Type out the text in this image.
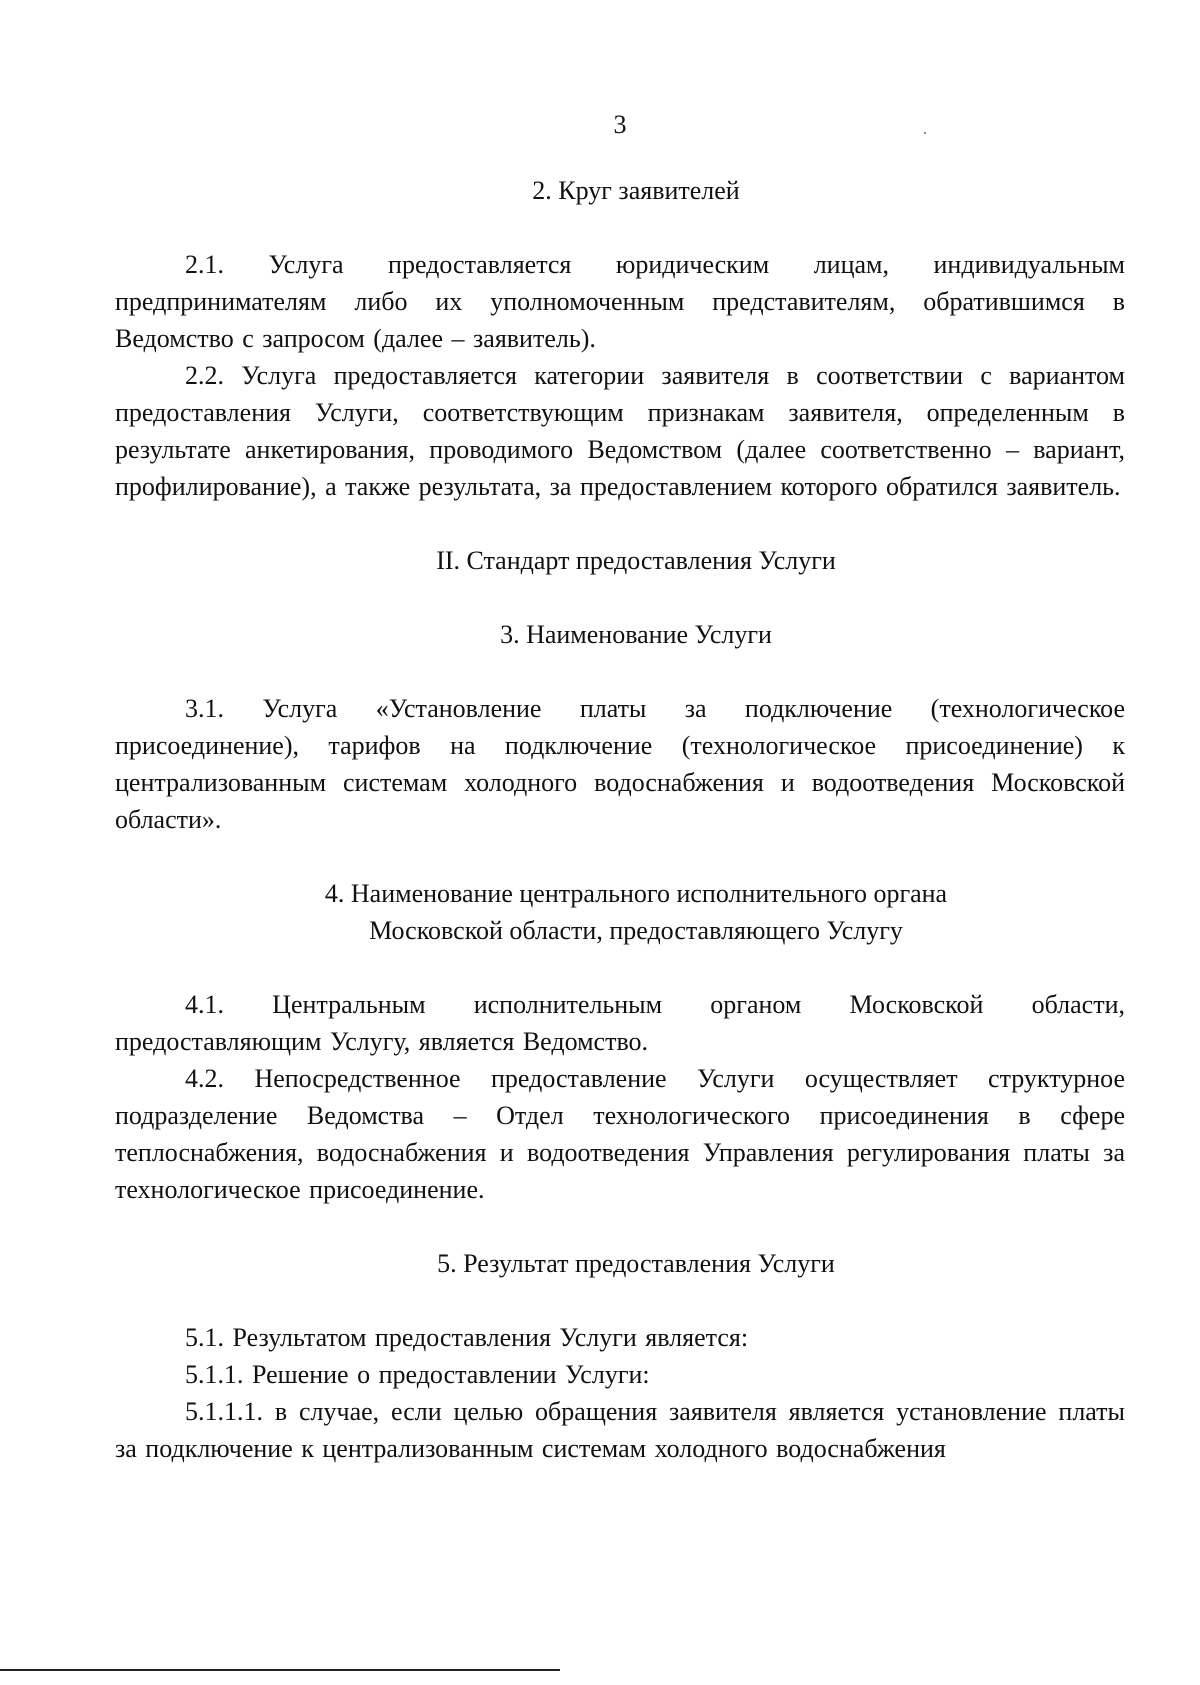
3

2. Круг заявителей

2.1. Услуга предоставляется юридическим лицам, индивидуальным предпринимателям либо их уполномоченным представителям, обратившимся в Ведомство с запросом (далее – заявитель).

2.2. Услуга предоставляется категории заявителя в соответствии с вариантом предоставления Услуги, соответствующим признакам заявителя, определенным в результате анкетирования, проводимого Ведомством (далее соответственно – вариант, профилирование), а также результата, за предоставлением которого обратился заявитель.

II. Стандарт предоставления Услуги

3. Наименование Услуги

3.1. Услуга «Установление платы за подключение (технологическое присоединение), тарифов на подключение (технологическое присоединение) к централизованным системам холодного водоснабжения и водоотведения Московской области».

4. Наименование центрального исполнительного органа

Московской области, предоставляющего Услугу

4.1. Центральным исполнительным органом Московской области, предоставляющим Услугу, является Ведомство.

4.2. Непосредственное предоставление Услуги осуществляет структурное подразделение Ведомства – Отдел технологического присоединения в сфере теплоснабжения, водоснабжения и водоотведения Управления регулирования платы за технологическое присоединение.

5. Результат предоставления Услуги

5.1. Результатом предоставления Услуги является:

5.1.1. Решение о предоставлении Услуги:

5.1.1.1. в случае, если целью обращения заявителя является установление платы за подключение к централизованным системам холодного водоснабжения
